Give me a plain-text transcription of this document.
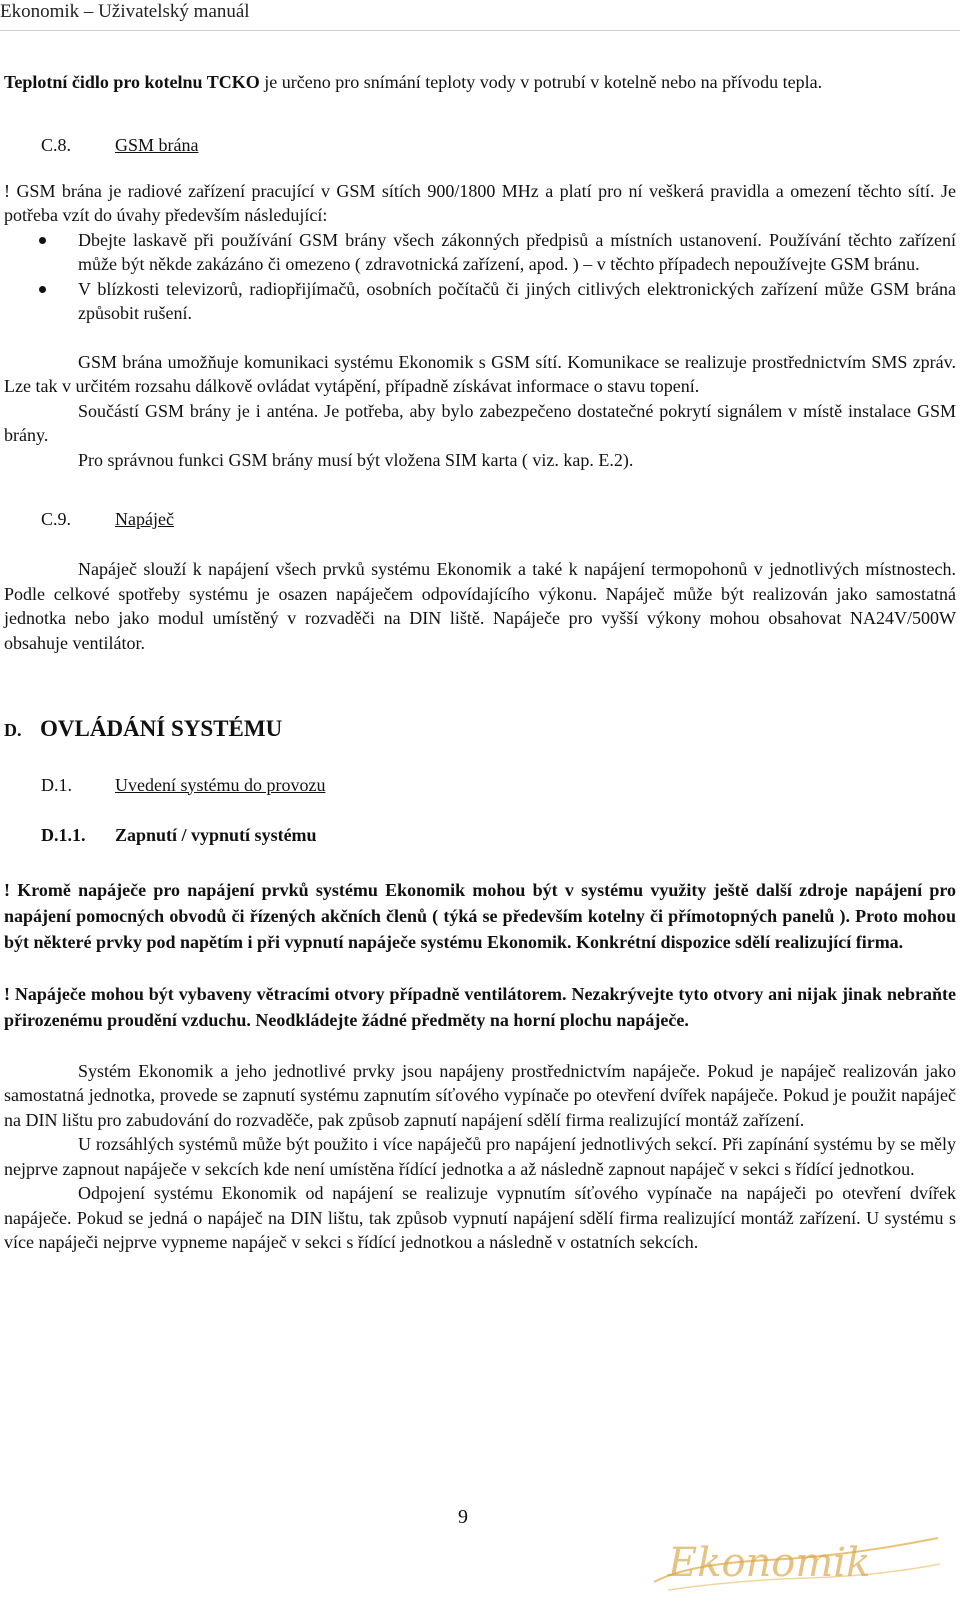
Ekonomik – Uživatelský manuál

Teplotní čidlo pro kotelnu TCKO je určeno pro snímání teploty vody v potrubí v kotelně nebo na přívodu tepla.

C.8. GSM brána

! GSM brána je radiové zařízení pracující v GSM sítích 900/1800 MHz a platí pro ní veškerá pravidla a omezení těchto sítí. Je potřeba vzít do úvahy především následující:

Dbejte laskavě při používání GSM brány všech zákonných předpisů a místních ustanovení. Používání těchto zařízení může být někde zakázáno či omezeno ( zdravotnická zařízení, apod. ) – v těchto případech nepoužívejte GSM bránu.
V blízkosti televizorů, radiopřijímačů, osobních počítačů či jiných citlivých elektronických zařízení může GSM brána způsobit rušení.

GSM brána umožňuje komunikaci systému Ekonomik s GSM sítí. Komunikace se realizuje prostřednictvím SMS zpráv. Lze tak v určitém rozsahu dálkově ovládat vytápění, případně získávat informace o stavu topení.

Součástí GSM brány je i anténa. Je potřeba, aby bylo zabezpečeno dostatečné pokrytí signálem v místě instalace GSM brány.

Pro správnou funkci GSM brány musí být vložena SIM karta ( viz. kap. E.2).

C.9. Napáječ

Napáječ slouží k napájení všech prvků systému Ekonomik a také k napájení termopohonů v jednotlivých místnostech. Podle celkové spotřeby systému je osazen napáječem odpovídajícího výkonu. Napáječ může být realizován jako samostatná jednotka nebo jako modul umístěný v rozvaděči na DIN liště. Napáječe pro vyšší výkony mohou obsahovat NA24V/500W obsahuje ventilátor.

D. OVLÁDÁNÍ SYSTÉMU
D.1. Uvedení systému do provozu
D.1.1. Zapnutí / vypnutí systému

! Kromě napáječe pro napájení prvků systému Ekonomik mohou být v systému využity ještě další zdroje napájení pro napájení pomocných obvodů či řízených akčních členů ( týká se především kotelny či přímotopných panelů ). Proto mohou být některé prvky pod napětím i při vypnutí napáječe systému Ekonomik. Konkrétní dispozice sdělí realizující firma.

! Napáječe mohou být vybaveny větracími otvory případně ventilátorem. Nezakrývejte tyto otvory ani nijak jinak nebraňte přirozenému proudění vzduchu. Neodkládejte žádné předměty na horní plochu napáječe.

Systém Ekonomik a jeho jednotlivé prvky jsou napájeny prostřednictvím napáječe. Pokud je napáječ realizován jako samostatná jednotka, provede se zapnutí systému zapnutím síťového vypínače po otevření dvířek napáječe. Pokud je použit napáječ na DIN lištu pro zabudování do rozvaděče, pak způsob zapnutí napájení sdělí firma realizující montáž zařízení.

U rozsáhlých systémů může být použito i více napáječů pro napájení jednotlivých sekcí. Při zapínání systému by se měly nejprve zapnout napáječe v sekcích kde není umístěna řídící jednotka a až následně zapnout napáječ v sekci s řídící jednotkou.

Odpojení systému Ekonomik od napájení se realizuje vypnutím síťového vypínače na napáječi po otevření dvířek napáječe. Pokud se jedná o napáječ na DIN lištu, tak způsob vypnutí napájení sdělí firma realizující montáž zařízení. U systému s více napáječi nejprve vypneme napáječ v sekci s řídící jednotkou a následně v ostatních sekcích.

9
Ekonomik
